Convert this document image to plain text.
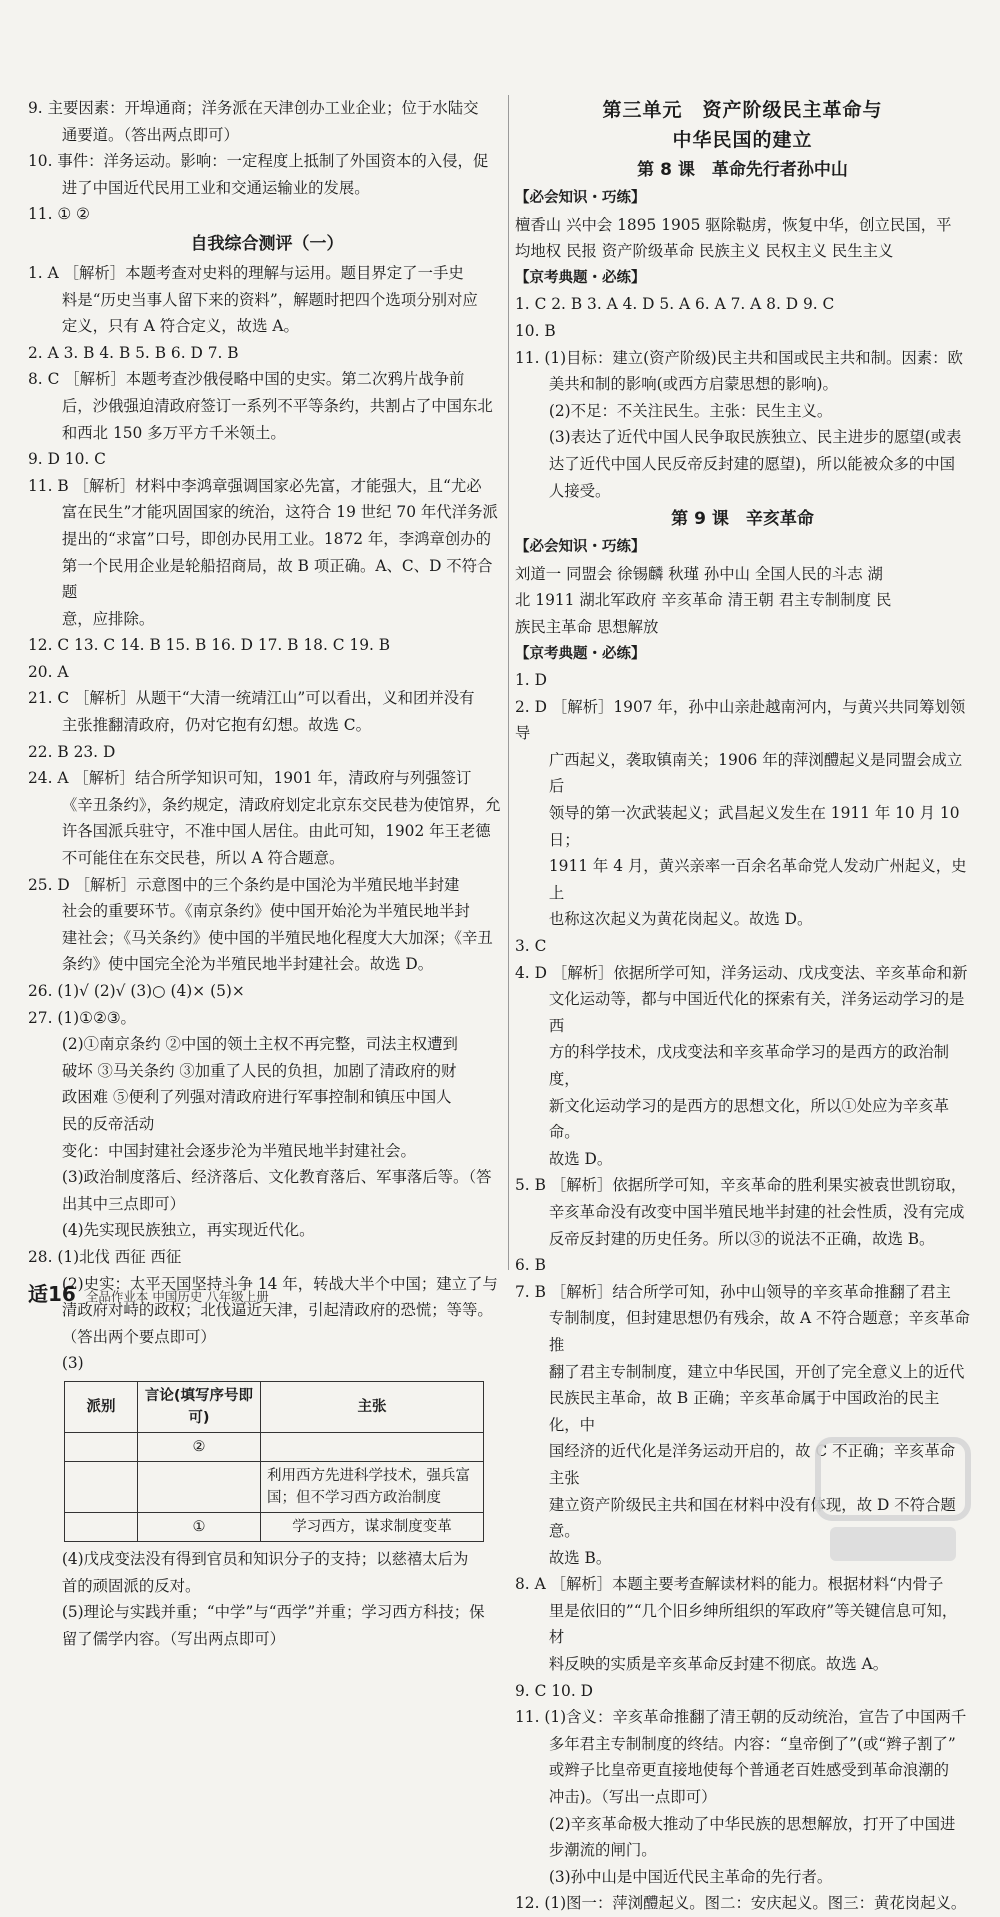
9. 主要因素：开埠通商；洋务派在天津创办工业企业；位于水陆交
通要道。（答出两点即可）
10. 事件：洋务运动。影响：一定程度上抵制了外国资本的入侵，促
进了中国近代民用工业和交通运输业的发展。
11. ① ②
自我综合测评（一）
1. A ［解析］本题考查对史料的理解与运用。题目界定了一手史
料是“历史当事人留下来的资料”，解题时把四个选项分别对应
定义，只有 A 符合定义，故选 A。
2. A 3. B 4. B 5. B 6. D 7. B
8. C ［解析］本题考查沙俄侵略中国的史实。第二次鸦片战争前
后，沙俄强迫清政府签订一系列不平等条约，共割占了中国东北
和西北 150 多万平方千米领土。
9. D 10. C
11. B ［解析］材料中李鸿章强调国家必先富，才能强大，且“尤必
富在民生”才能巩固国家的统治，这符合 19 世纪 70 年代洋务派
提出的“求富”口号，即创办民用工业。1872 年，李鸿章创办的
第一个民用企业是轮船招商局，故 B 项正确。A、C、D 不符合题
意，应排除。
12. C 13. C 14. B 15. B 16. D 17. B 18. C 19. B
20. A
21. C ［解析］从题干“大清一统靖江山”可以看出，义和团并没有
主张推翻清政府，仍对它抱有幻想。故选 C。
22. B 23. D
24. A ［解析］结合所学知识可知，1901 年，清政府与列强签订
《辛丑条约》，条约规定，清政府划定北京东交民巷为使馆界，允
许各国派兵驻守，不准中国人居住。由此可知，1902 年王老德
不可能住在东交民巷，所以 A 符合题意。
25. D ［解析］示意图中的三个条约是中国沦为半殖民地半封建
社会的重要环节。《南京条约》使中国开始沦为半殖民地半封
建社会；《马关条约》使中国的半殖民地化程度大大加深；《辛丑
条约》使中国完全沦为半殖民地半封建社会。故选 D。
26. (1)√ (2)√ (3)○ (4)× (5)×
27. (1)①②③。
(2)①南京条约 ②中国的领土主权不再完整，司法主权遭到
破坏 ③马关条约 ③加重了人民的负担，加剧了清政府的财
政困难 ⑤便利了列强对清政府进行军事控制和镇压中国人
民的反帝活动
变化：中国封建社会逐步沦为半殖民地半封建社会。
(3)政治制度落后、经济落后、文化教育落后、军事落后等。（答
出其中三点即可）
(4)先实现民族独立，再实现近代化。
28. (1)北伐 西征 西征
(2)史实：太平天国坚持斗争 14 年，转战大半个中国；建立了与
清政府对峙的政权；北伐逼近天津，引起清政府的恐慌；等等。
（答出两个要点即可）
(3)
派别	言论(填写序号即可)	主张
	②	
		利用西方先进科学技术，强兵富国；但不学习西方政治制度
	①	学习西方，谋求制度变革
(4)戊戌变法没有得到官员和知识分子的支持；以慈禧太后为
首的顽固派的反对。
(5)理论与实践并重；“中学”与“西学”并重；学习西方科技；保
留了儒学内容。（写出两点即可）
第三单元　资产阶级民主革命与
中华民国的建立
第 8 课　革命先行者孙中山
【必会知识・巧练】
檀香山 兴中会 1895 1905 驱除鞑虏，恢复中华，创立民国，平
均地权 民报 资产阶级革命 民族主义 民权主义 民生主义
【京考典题・必练】
1. C 2. B 3. A 4. D 5. A 6. A 7. A 8. D 9. C
10. B
11. (1)目标：建立(资产阶级)民主共和国或民主共和制。因素：欧
美共和制的影响(或西方启蒙思想的影响)。
(2)不足：不关注民生。主张：民生主义。
(3)表达了近代中国人民争取民族独立、民主进步的愿望(或表
达了近代中国人民反帝反封建的愿望)，所以能被众多的中国
人接受。
第 9 课　辛亥革命
【必会知识・巧练】
刘道一 同盟会 徐锡麟 秋瑾 孙中山 全国人民的斗志 湖
北 1911 湖北军政府 辛亥革命 清王朝 君主专制制度 民
族民主革命 思想解放
【京考典题・必练】
1. D
2. D ［解析］1907 年，孙中山亲赴越南河内，与黄兴共同筹划领导
广西起义，袭取镇南关；1906 年的萍浏醴起义是同盟会成立后
领导的第一次武装起义；武昌起义发生在 1911 年 10 月 10 日；
1911 年 4 月，黄兴亲率一百余名革命党人发动广州起义，史上
也称这次起义为黄花岗起义。故选 D。
3. C
4. D ［解析］依据所学可知，洋务运动、戊戌变法、辛亥革命和新
文化运动等，都与中国近代化的探索有关，洋务运动学习的是西
方的科学技术，戊戌变法和辛亥革命学习的是西方的政治制度，
新文化运动学习的是西方的思想文化，所以①处应为辛亥革命。
故选 D。
5. B ［解析］依据所学可知，辛亥革命的胜利果实被袁世凯窃取，
辛亥革命没有改变中国半殖民地半封建的社会性质，没有完成
反帝反封建的历史任务。所以③的说法不正确，故选 B。
6. B
7. B ［解析］结合所学可知，孙中山领导的辛亥革命推翻了君主
专制制度，但封建思想仍有残余，故 A 不符合题意；辛亥革命推
翻了君主专制制度，建立中华民国，开创了完全意义上的近代
民族民主革命，故 B 正确；辛亥革命属于中国政治的民主化，中
国经济的近代化是洋务运动开启的，故 C 不正确；辛亥革命主张
建立资产阶级民主共和国在材料中没有体现，故 D 不符合题意。
故选 B。
8. A ［解析］本题主要考查解读材料的能力。根据材料“内骨子
里是依旧的”“几个旧乡绅所组织的军政府”等关键信息可知，材
料反映的实质是辛亥革命反封建不彻底。故选 A。
9. C 10. D
11. (1)含义：辛亥革命推翻了清王朝的反动统治，宣告了中国两千
多年君主专制制度的终结。内容：“皇帝倒了”(或“辫子割了”
或辫子比皇帝更直接地使每个普通老百姓感受到革命浪潮的
冲击)。（写出一点即可）
(2)辛亥革命极大推动了中华民族的思想解放，打开了中国进
步潮流的闸门。
(3)孙中山是中国近代民主革命的先行者。
12. (1)图一：萍浏醴起义。图二：安庆起义。图三：黄花岗起义。
适16 全品作业本 中国历史 八年级上册
